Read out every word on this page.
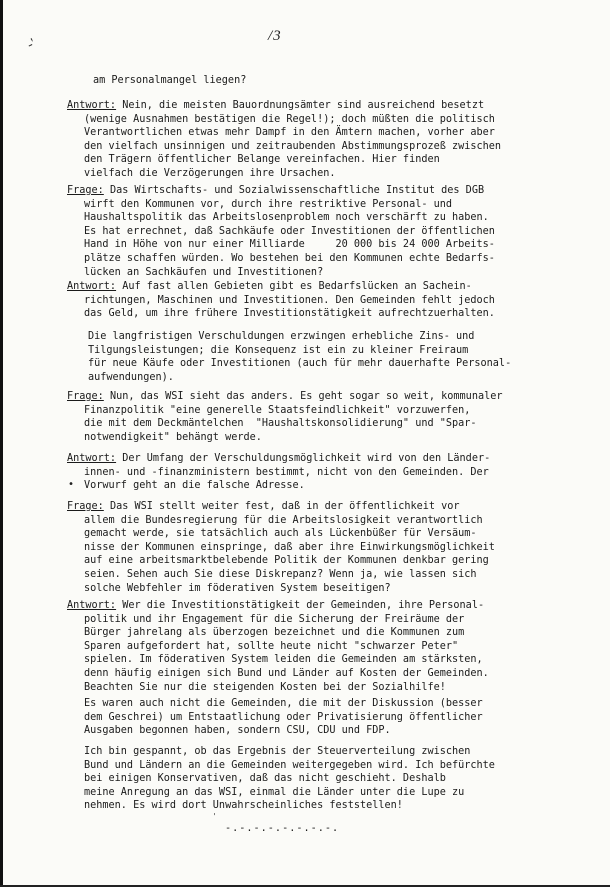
/3
-'
•
'
am Personalmangel liegen?
Antwort: Nein, die meisten Bauordnungsämter sind ausreichend besetzt
(wenige Ausnahmen bestätigen die Regel!); doch müßten die politisch
Verantwortlichen etwas mehr Dampf in den Ämtern machen, vorher aber
den vielfach unsinnigen und zeitraubenden Abstimmungsprozeß zwischen
den Trägern öffentlicher Belange vereinfachen. Hier finden
vielfach die Verzögerungen ihre Ursachen.
Frage: Das Wirtschafts- und Sozialwissenschaftliche Institut des DGB
wirft den Kommunen vor, durch ihre restriktive Personal- und
Haushaltspolitik das Arbeitslosenproblem noch verschärft zu haben.
Es hat errechnet, daß Sachkäufe oder Investitionen der öffentlichen
Hand in Höhe von nur einer Milliarde     20 000 bis 24 000 Arbeits-
plätze schaffen würden. Wo bestehen bei den Kommunen echte Bedarfs-
lücken an Sachkäufen und Investitionen?
Antwort: Auf fast allen Gebieten gibt es Bedarfslücken an Sachein-
richtungen, Maschinen und Investitionen. Den Gemeinden fehlt jedoch
das Geld, um ihre frühere Investitionstätigkeit aufrechtzuerhalten.
Die langfristigen Verschuldungen erzwingen erhebliche Zins- und
Tilgungsleistungen; die Konsequenz ist ein zu kleiner Freiraum
für neue Käufe oder Investitionen (auch für mehr dauerhafte Personal-
aufwendungen).
Frage: Nun, das WSI sieht das anders. Es geht sogar so weit, kommunaler
Finanzpolitik "eine generelle Staatsfeindlichkeit" vorzuwerfen,
die mit dem Deckmäntelchen  "Haushaltskonsolidierung" und "Spar-
notwendigkeit" behängt werde.
Antwort: Der Umfang der Verschuldungsmöglichkeit wird von den Länder-
innen- und -finanzministern bestimmt, nicht von den Gemeinden. Der
Vorwurf geht an die falsche Adresse.
Frage: Das WSI stellt weiter fest, daß in der öffentlichkeit vor
allem die Bundesregierung für die Arbeitslosigkeit verantwortlich
gemacht werde, sie tatsächlich auch als Lückenbüßer für Versäum-
nisse der Kommunen einspringe, daß aber ihre Einwirkungsmöglichkeit
auf eine arbeitsmarktbelebende Politik der Kommunen denkbar gering
seien. Sehen auch Sie diese Diskrepanz? Wenn ja, wie lassen sich
solche Webfehler im föderativen System beseitigen?
Antwort: Wer die Investitionstätigkeit der Gemeinden, ihre Personal-
politik und ihr Engagement für die Sicherung der Freiräume der
Bürger jahrelang als überzogen bezeichnet und die Kommunen zum
Sparen aufgefordert hat, sollte heute nicht "schwarzer Peter"
spielen. Im föderativen System leiden die Gemeinden am stärksten,
denn häufig einigen sich Bund und Länder auf Kosten der Gemeinden.
Beachten Sie nur die steigenden Kosten bei der Sozialhilfe!
Es waren auch nicht die Gemeinden, die mit der Diskussion (besser
dem Geschrei) um Entstaatlichung oder Privatisierung öffentlicher
Ausgaben begonnen haben, sondern CSU, CDU und FDP.
Ich bin gespannt, ob das Ergebnis der Steuerverteilung zwischen
Bund und Ländern an die Gemeinden weitergegeben wird. Ich befürchte
bei einigen Konservativen, daß das nicht geschieht. Deshalb
meine Anregung an das WSI, einmal die Länder unter die Lupe zu
nehmen. Es wird dort Unwahrscheinliches feststellen!
-.-.-.-.-.-.-.-.
